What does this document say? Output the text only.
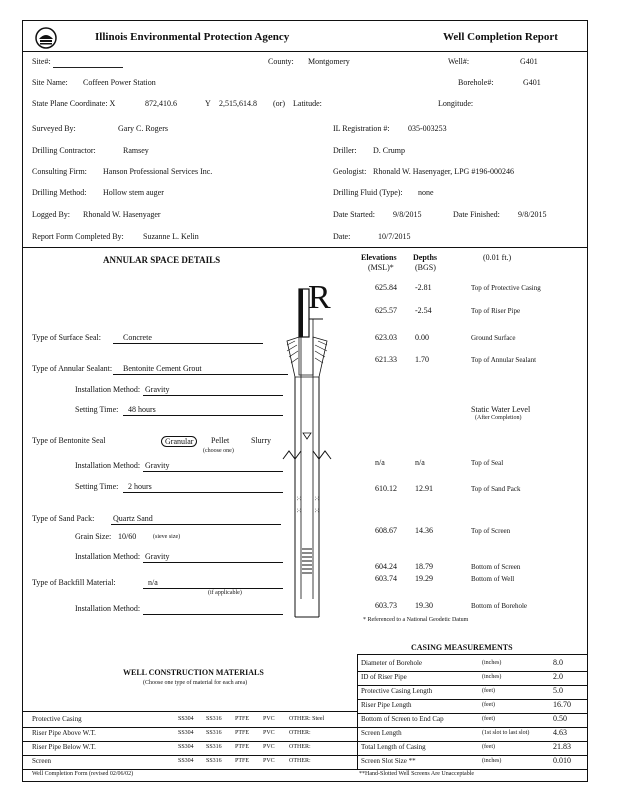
Illinois Environmental Protection Agency	Well Completion Report
Site#:	County: Montgomery	Well#:	G401
Site Name: Coffeen Power Station	Borehole#:	G401
State Plane Coordinate: X	872,410.6	Y 2,515,614.8 (or) Latitude:	Longitude:
Surveyed By:	Gary C. Rogers	IL Registration #: 035-003253
Drilling Contractor:	Ramsey	Driller: D. Crump
Consulting Firm: Hanson Professional Services Inc.	Geologist: Rhonald W. Hasenyager, LPG #196-000246
Drilling Method: Hollow stem auger	Drilling Fluid (Type): none
Logged By: Rhonald W. Hasenyager	Date Started: 9/8/2015	Date Finished: 9/8/2015
Report Form Completed By: Suzanne L. Kelin	Date:	10/7/2015
ANNULAR SPACE DETAILS	Elevations
(MSL)*
Depths
(BGS)
(0.01 ft.)
⁙
⁙
⁙
⁙
R	625.84 -2.81	Top of Protective Casing
625.57 -2.54	Top of Riser Pipe
623.03 0.00	Ground Surface
621.33 1.70	Top of Annular Sealant
n/a	n/a	Top of Seal
610.12 12.91	Top of Sand Pack
608.67 14.36	Top of Screen
604.24 18.79	Bottom of Screen
603.74 19.29	Bottom of Well
603.73 19.30	Bottom of Borehole
Static Water Level
(After Completion)
* Referenced to a National Geodetic Datum
Type of Surface Seal:	Concrete
Type of Annular Sealant: Bentonite Cement Grout
Installation Method: Gravity
Setting Time: 48 hours
Type of Bentonite Seal	Granular	Pellet	Slurry
(choose one)
Installation Method: Gravity
Setting Time: 2 hours
Type of Sand Pack: Quartz Sand
Grain Size: 10/60	(sieve size)
Installation Method: Gravity
Type of Backfill Material:	n/a
(if applicable)
Installation Method:
CASING MEASUREMENTS
Diameter of Borehole	(inches)	8.0
ID of Riser Pipe	(inches)	2.0
Protective Casing Length	(feet)	5.0
Riser Pipe Length	(feet)	16.70
Bottom of Screen to End Cap	(feet)	0.50
Screen Length	(1st slot to last slot)	4.63
Total Length of Casing	(feet)	21.83
Screen Slot Size **	(inches)	0.010
**Hand-Slotted Well Screens Are Unacceptable
WELL CONSTRUCTION MATERIALS
(Choose one type of material for each area)
Protective Casing	SS304 SS316 PTFE PVC OTHER: Steel
Riser Pipe Above W.T.	SS304 SS316 PTFE PVC OTHER:
Riser Pipe Below W.T.	SS304 SS316 PTFE PVC OTHER:
Screen	SS304 SS316 PTFE PVC OTHER:
Well Completion Form (revised 02/06/02)
